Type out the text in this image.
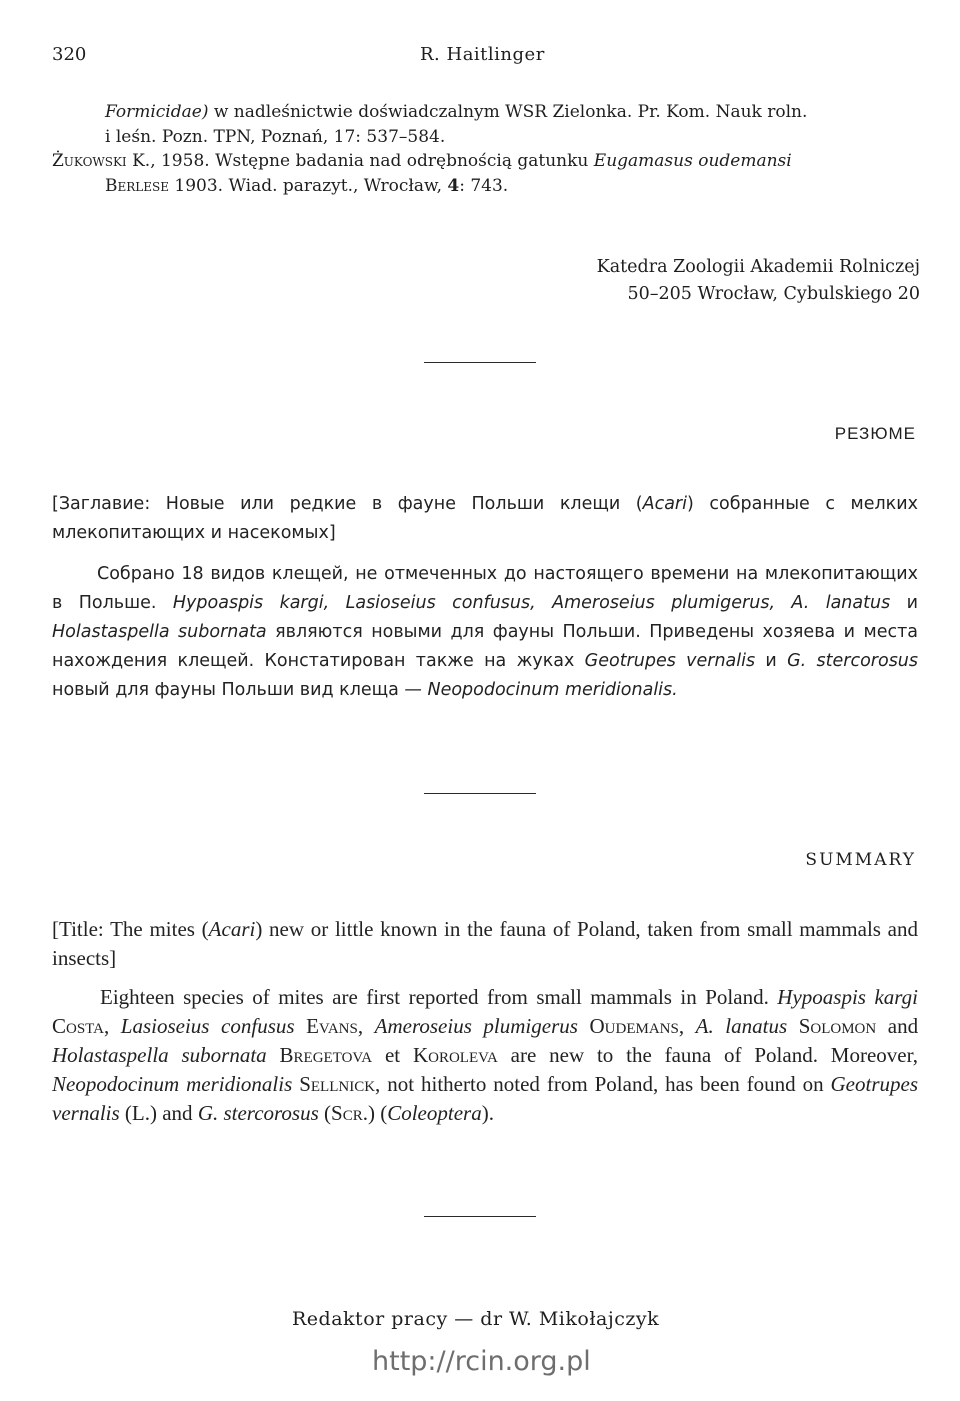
320	R. Haitlinger

Formicidae) w nadleśnictwie doświadczalnym WSR Zielonka. Pr. Kom. Nauk roln.

i leśn. Pozn. TPN, Poznań, 17: 537–584.

Żukowski K., 1958. Wstępne badania nad odrębnością gatunku Eugamasus oudemansi

Berlese 1903. Wiad. parazyt., Wrocław, 4: 743.

Katedra Zoologii Akademii Rolniczej
50–205 Wrocław, Cybulskiego 20
РЕЗЮМЕ

[Заглавие: Новые или редкие в фауне Польши клещи (Acari) собранные с мелких млекопитающих и насекомых]

Собрано 18 видов клещей, не отмеченных до настоящего времени на млекопитающих в Польше. Hypoaspis kargi, Lasioseius confusus, Ameroseius plumigerus, A. lanatus и Holastaspella subornata являются новыми для фауны Польши. Приведены хозяева и места нахождения клещей. Констатирован также на жуках Geotrupes vernalis и G. stercorosus новый для фауны Польши вид клеща — Neopodocinum meridionalis.

SUMMARY

[Title: The mites (Acari) new or little known in the fauna of Poland, taken from small mammals and insects]

Eighteen species of mites are first reported from small mammals in Poland. Hypoaspis kargi Costa, Lasioseius confusus Evans, Ameroseius plumigerus Oudemans, A. lanatus Solomon and Holastaspella subornata Bregetova et Koroleva are new to the fauna of Poland. Moreover, Neopodocinum meridionalis Sellnick, not hitherto noted from Poland, has been found on Geotrupes vernalis (L.) and G. stercorosus (Scr.) (Coleoptera).

Redaktor pracy — dr W. Mikołajczyk
http://rcin.org.pl
